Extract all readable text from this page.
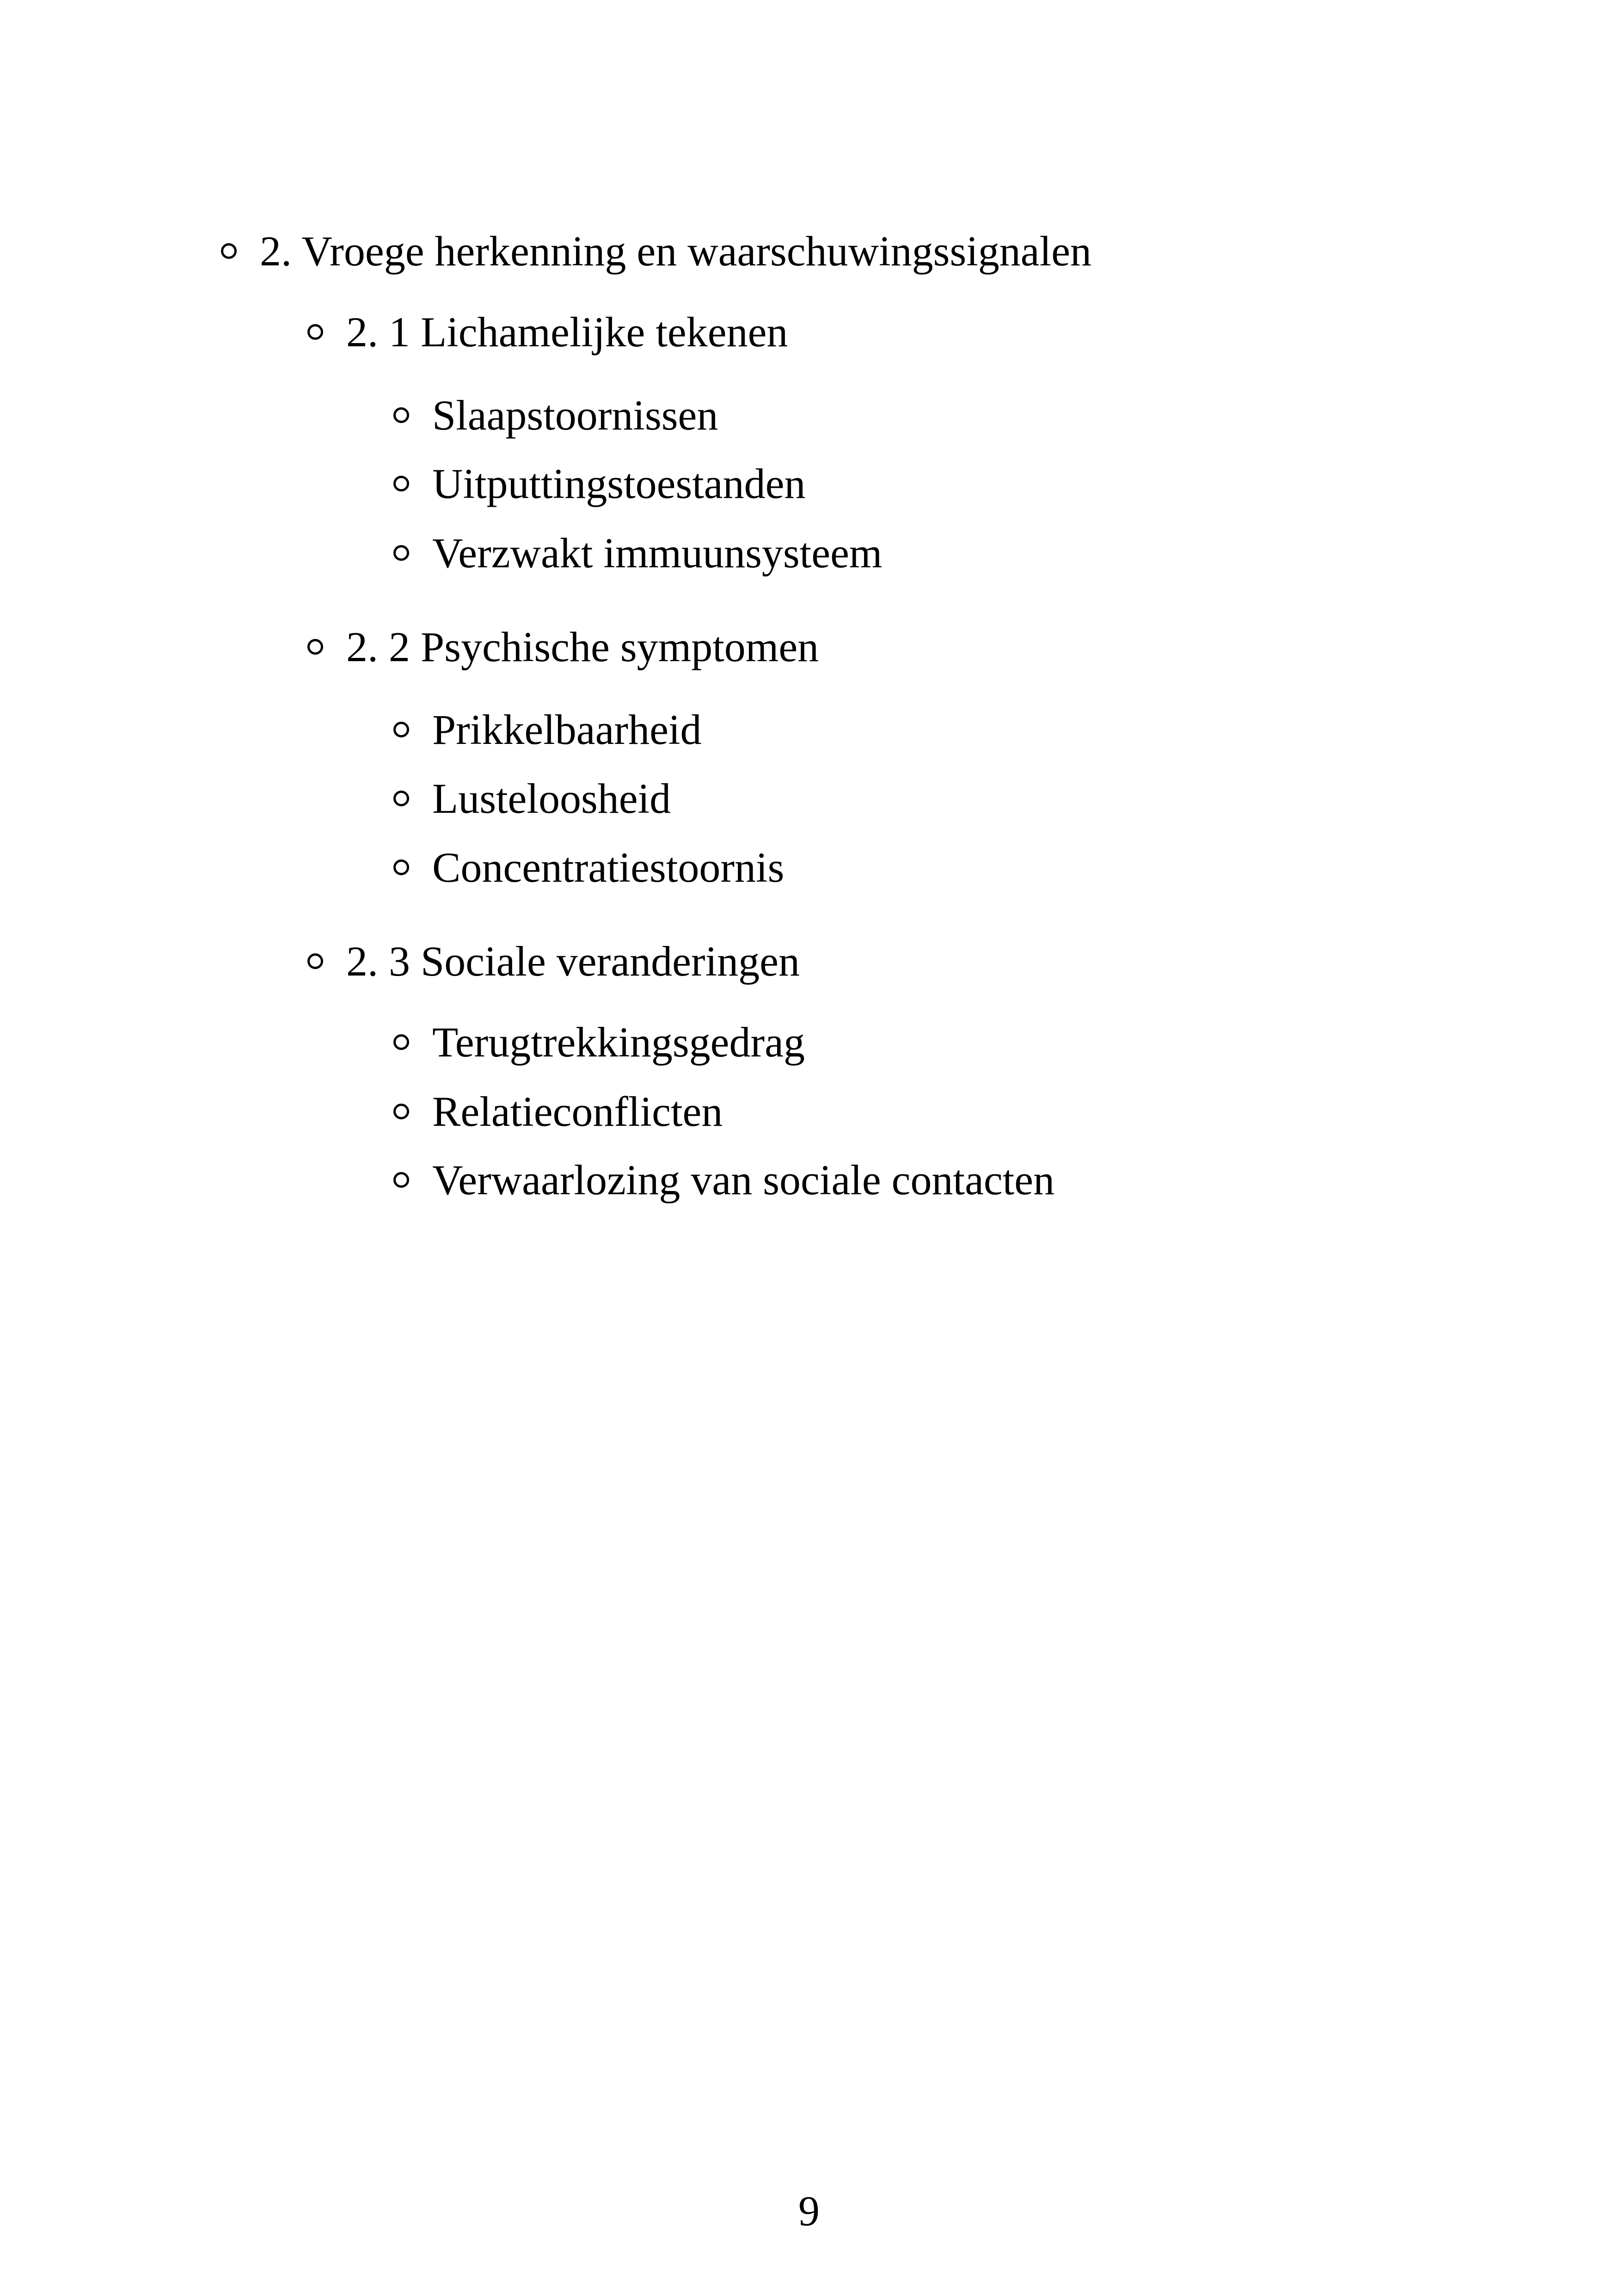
2. Vroege herkenning en waarschuwingssignalen
2. 1 Lichamelijke tekenen
Slaapstoornissen
Uitputtingstoestanden
Verzwakt immuunsysteem
2. 2 Psychische symptomen
Prikkelbaarheid
Lusteloosheid
Concentratiestoornis
2. 3 Sociale veranderingen
Terugtrekkingsgedrag
Relatieconflicten
Verwaarlozing van sociale contacten
9
